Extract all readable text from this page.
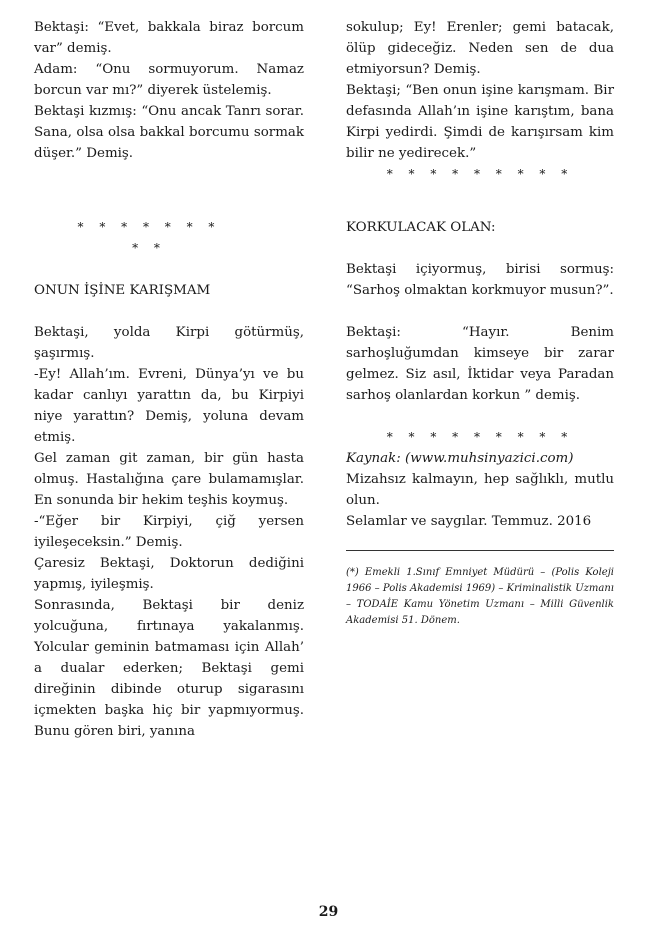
Bektaşi: “Evet, bakkala biraz borcum var” demiş.

Adam: “Onu sormuyorum. Namaz borcun var mı?” diyerek üstelemiş.

Bektaşi kızmış: “Onu ancak Tanrı sorar. Sana, olsa olsa bakkal borcumu sormak düşer.” Demiş.

* * * * * * * * *

ONUN İŞİNE KARIŞMAM

Bektaşi, yolda Kirpi götürmüş, şaşırmış.

-Ey! Allah’ım. Evreni, Dünya’yı ve bu kadar canlıyı yarattın da, bu Kirpiyi niye yarattın? Demiş, yoluna devam etmiş.

Gel zaman git zaman, bir gün hasta olmuş. Hastalığına çare bulamamışlar. En sonunda bir hekim teşhis koymuş.

-“Eğer bir Kirpiyi, çiğ yersen iyileşeceksin.” Demiş.

Çaresiz Bektaşi, Doktorun dediğini yapmış, iyileşmiş.

Sonrasında, Bektaşi bir deniz yolcuğuna, fırtınaya yakalanmış. Yolcular geminin batmaması için Allah’ a dualar ederken; Bektaşi gemi direğinin dibinde oturup sigarasını içmekten başka hiç bir yapmıyormuş. Bunu gören biri, yanına

sokulup; Ey! Erenler; gemi batacak, ölüp gideceğiz. Neden sen de dua etmiyorsun? Demiş.

Bektaşi; “Ben onun işine karışmam. Bir defasında Allah’ın işine karıştım, bana Kirpi yedirdi. Şimdi de karışırsam kim bilir ne yedirecek.”

* * * * * * * * *

KORKULACAK OLAN:

Bektaşi içiyormuş, birisi sormuş: “Sarhoş olmaktan korkmuyor musun?”.

Bektaşi: “Hayır. Benim sarhoşluğumdan kimseye bir zarar gelmez. Siz asıl, İktidar veya Paradan sarhoş olanlardan korkun ” demiş.

* * * * * * * * *

Kaynak: (www.muhsinyazici.com)

Mizahsız kalmayın, hep sağlıklı, mutlu olun.

Selamlar ve saygılar. Temmuz. 2016

(*) Emekli 1.Sınıf Emniyet Müdürü – (Polis Koleji 1966 – Polis Akademisi 1969) – Kriminalistik Uzmanı – TODAİE Kamu Yönetim Uzmanı – Milli Güvenlik Akademisi 51. Dönem.

29
